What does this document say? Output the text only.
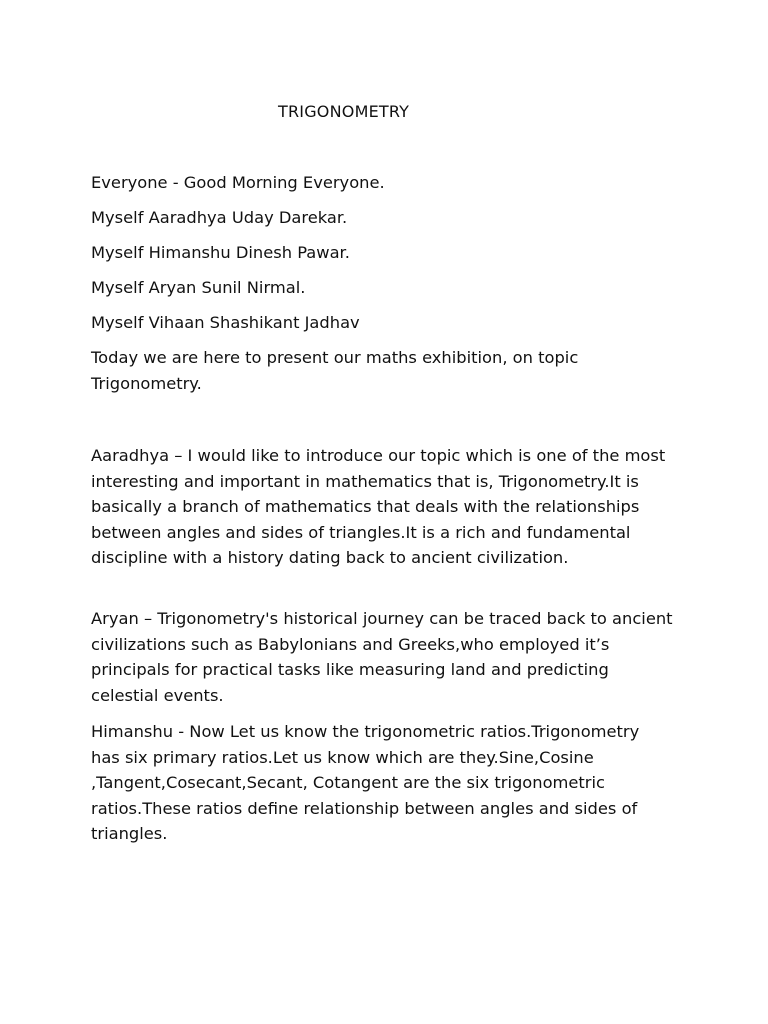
TRIGONOMETRY
Everyone - Good Morning Everyone.
Myself Aaradhya Uday Darekar.
Myself Himanshu Dinesh Pawar.
Myself Aryan Sunil Nirmal.
Myself Vihaan Shashikant Jadhav

Today we are here to present our maths exhibition, on topic Trigonometry.

Aaradhya – I would like to introduce our topic which is one of the most interesting and important in mathematics that is, Trigonometry.It is basically a branch of mathematics that deals with the relationships between angles and sides of triangles.It is a rich and fundamental discipline with a history dating back to ancient civilization.

Aryan – Trigonometry's historical journey can be traced back to ancient civilizations such as Babylonians and Greeks,who employed it’s principals for practical tasks like measuring land and predicting celestial events.

Himanshu - Now Let us know the trigonometric ratios.Trigonometry has six primary ratios.Let us know which are they.Sine,Cosine ,Tangent,Cosecant,Secant, Cotangent are the six trigonometric ratios.These ratios define relationship between angles and sides of triangles.
